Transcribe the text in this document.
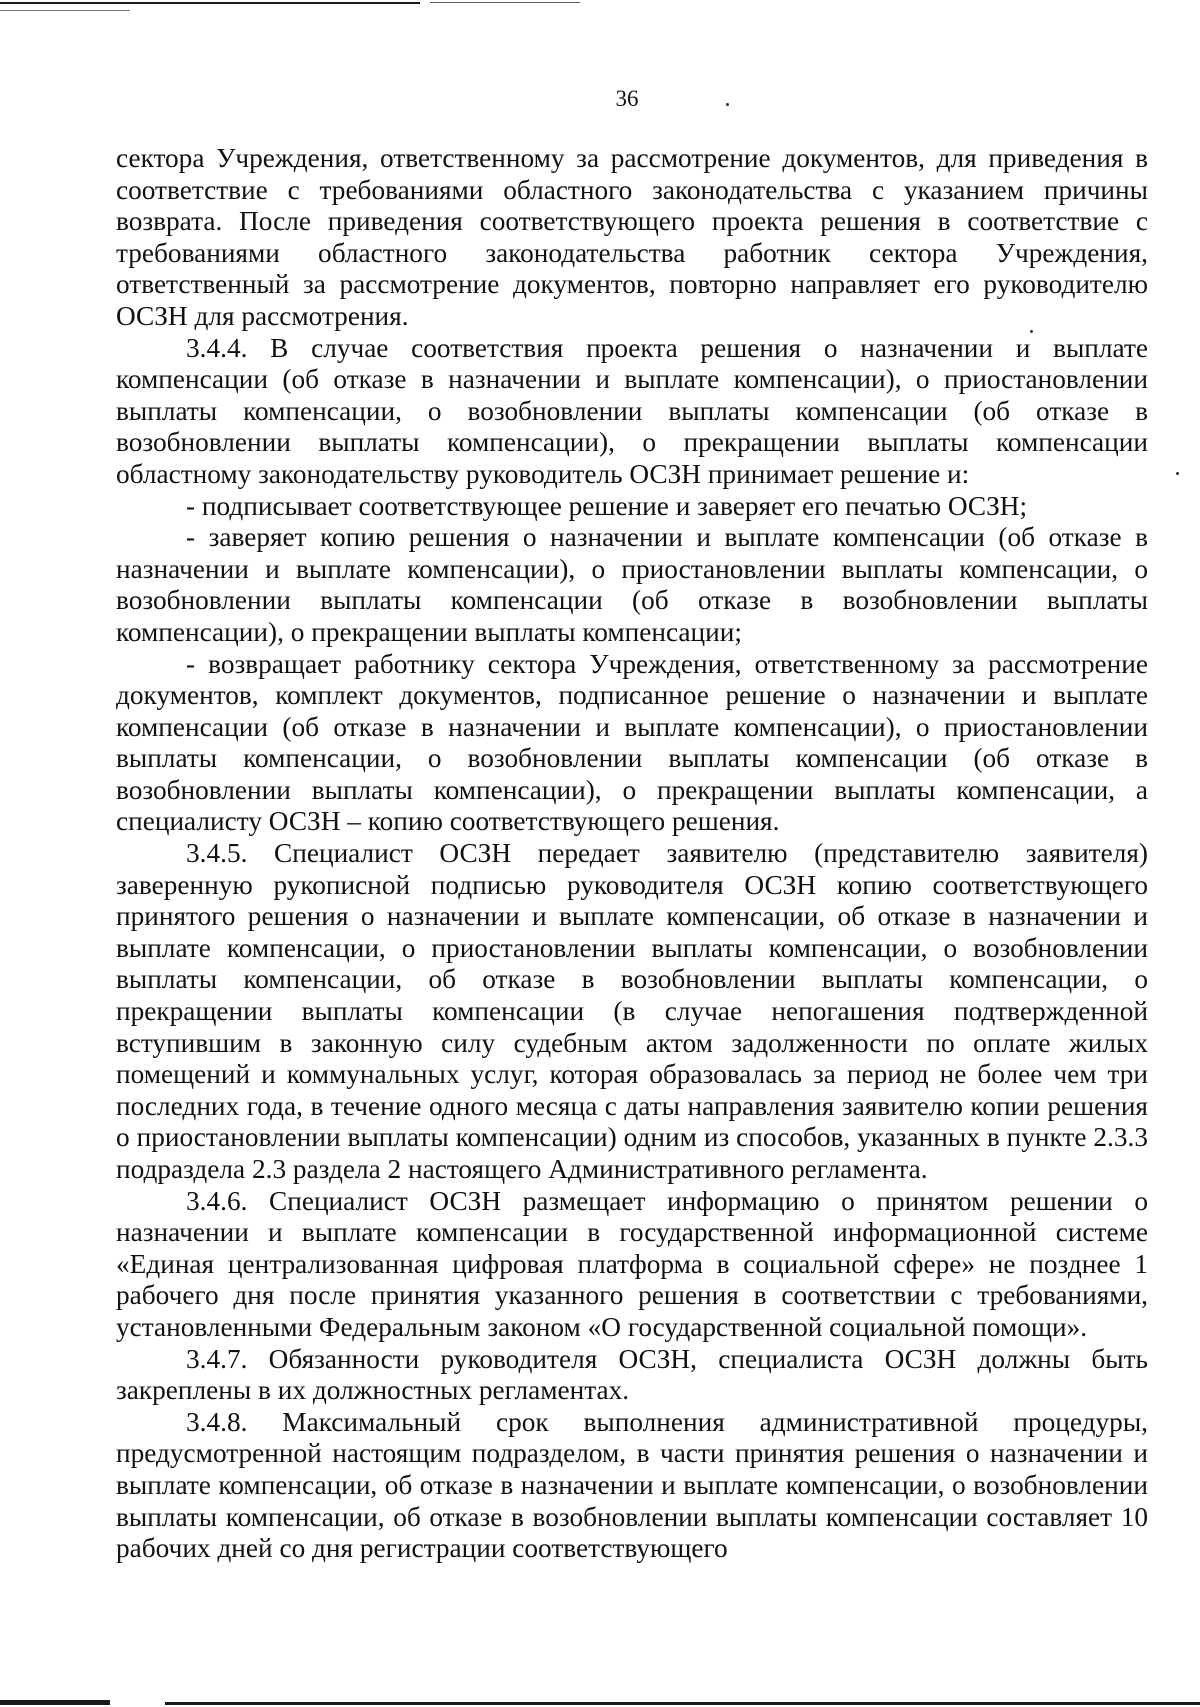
36

сектора Учреждения, ответственному за рассмотрение документов, для приведения в соответствие с требованиями областного законодательства с указанием причины возврата. После приведения соответствующего проекта решения в соответствие с требованиями областного законодательства работник сектора Учреждения, ответственный за рассмотрение документов, повторно направляет его руководителю ОСЗН для рассмотрения.

3.4.4. В случае соответствия проекта решения о назначении и выплате компенсации (об отказе в назначении и выплате компенсации), о приостановлении выплаты компенсации, о возобновлении выплаты компенсации (об отказе в возобновлении выплаты компенсации), о прекращении выплаты компенсации областному законодательству руководитель ОСЗН принимает решение и:

- подписывает соответствующее решение и заверяет его печатью ОСЗН;

- заверяет копию решения о назначении и выплате компенсации (об отказе в назначении и выплате компенсации), о приостановлении выплаты компенсации, о возобновлении выплаты компенсации (об отказе в возобновлении выплаты компенсации), о прекращении выплаты компенсации;

- возвращает работнику сектора Учреждения, ответственному за рассмотрение документов, комплект документов, подписанное решение о назначении и выплате компенсации (об отказе в назначении и выплате компенсации), о приостановлении выплаты компенсации, о возобновлении выплаты компенсации (об отказе в возобновлении выплаты компенсации), о прекращении выплаты компенсации, а специалисту ОСЗН – копию соответствующего решения.

3.4.5. Специалист ОСЗН передает заявителю (представителю заявителя) заверенную рукописной подписью руководителя ОСЗН копию соответствующего принятого решения о назначении и выплате компенсации, об отказе в назначении и выплате компенсации, о приостановлении выплаты компенсации, о возобновлении выплаты компенсации, об отказе в возобновлении выплаты компенсации, о прекращении выплаты компенсации (в случае непогашения подтвержденной вступившим в законную силу судебным актом задолженности по оплате жилых помещений и коммунальных услуг, которая образовалась за период не более чем три последних года, в течение одного месяца с даты направления заявителю копии решения о приостановлении выплаты компенсации) одним из способов, указанных в пункте 2.3.3 подраздела 2.3 раздела 2 настоящего Административного регламента.

3.4.6. Специалист ОСЗН размещает информацию о принятом решении о назначении и выплате компенсации в государственной информационной системе «Единая централизованная цифровая платформа в социальной сфере» не позднее 1 рабочего дня после принятия указанного решения в соответствии с требованиями, установленными Федеральным законом «О государственной социальной помощи».

3.4.7. Обязанности руководителя ОСЗН, специалиста ОСЗН должны быть закреплены в их должностных регламентах.

3.4.8. Максимальный срок выполнения административной процедуры, предусмотренной настоящим подразделом, в части принятия решения о назначении и выплате компенсации, об отказе в назначении и выплате компенсации, о возобновлении выплаты компенсации, об отказе в возобновлении выплаты компенсации составляет 10 рабочих дней со дня регистрации соответствующего
